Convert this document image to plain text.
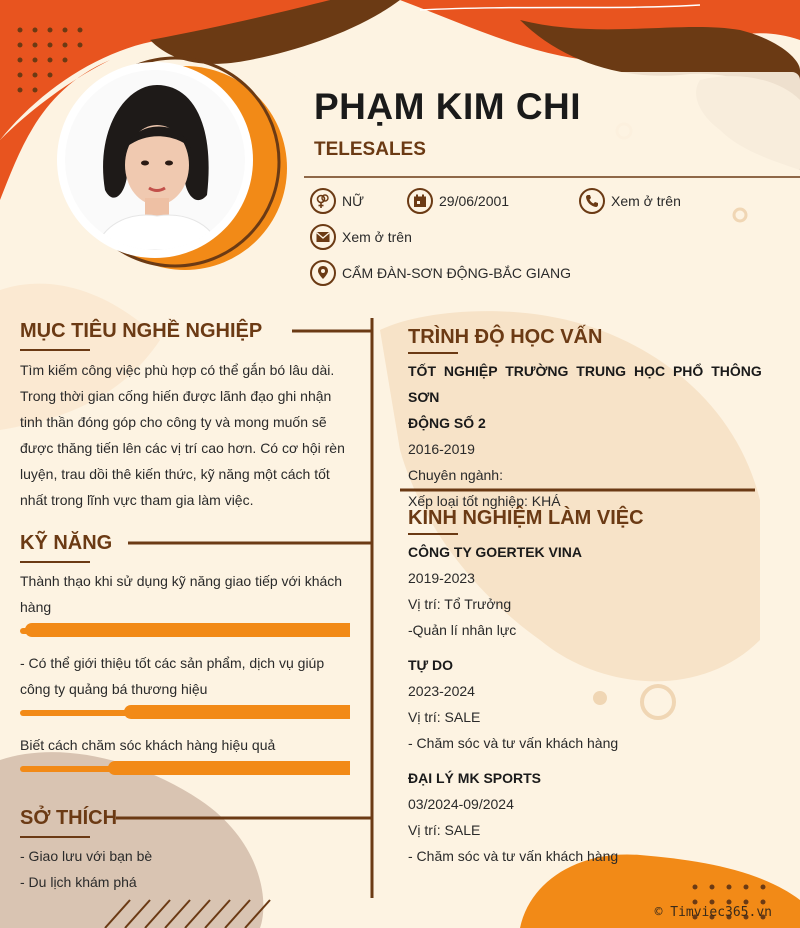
PHẠM KIM CHI
TELESALES
NỮ	29/06/2001	Xem ở trên
Xem ở trên
CẨM ĐÀN-SƠN ĐỘNG-BẮC GIANG
MỤC TIÊU NGHỀ NGHIỆP
Tìm kiếm công việc phù hợp có thể gắn bó lâu dài.
Trong thời gian cống hiến được lãnh đạo ghi nhận
tinh thần đóng góp cho công ty và mong muốn sẽ
được thăng tiến lên các vị trí cao hơn. Có cơ hội rèn
luyện, trau dồi thê kiến thức, kỹ năng một cách tốt
nhất trong lĩnh vực tham gia làm việc.
KỸ NĂNG
Thành thạo khi sử dụng kỹ năng giao tiếp với khách
hàng
- Có thể giới thiệu tốt các sản phẩm, dịch vụ giúp
công ty quảng bá thương hiệu
Biết cách chăm sóc khách hàng hiệu quả
SỞ THÍCH
- Giao lưu với bạn bè
- Du lịch khám phá
TRÌNH ĐỘ HỌC VẤN
TỐT NGHIỆP TRƯỜNG TRUNG HỌC PHỔ THÔNG SƠN
ĐỘNG SỐ 2
2016-2019
Chuyên ngành:
Xếp loại tốt nghiệp: KHÁ
KINH NGHIỆM LÀM VIỆC
CÔNG TY GOERTEK VINA
2019-2023
Vị trí: Tổ Trưởng
-Quản lí nhân lực
TỰ DO
2023-2024
Vị trí: SALE
- Chăm sóc và tư vấn khách hàng
ĐẠI LÝ MK SPORTS
03/2024-09/2024
Vị trí: SALE
- Chăm sóc và tư vấn khách hàng
© Timviec365.vn
